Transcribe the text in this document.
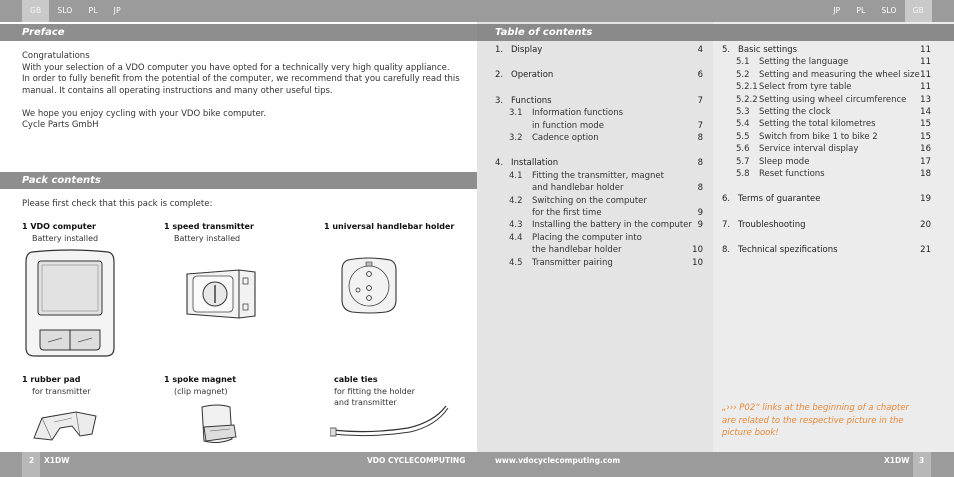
GB	SLO	PL	JP	JP	PL	SLO	GB
Preface
Congratulations
With your selection of a VDO computer you have opted for a technically very high quality appliance.
In order to fully benefit from the potential of the computer, we recommend that you carefully read this
manual. It contains all operating instructions and many other useful tips.
We hope you enjoy cycling with your VDO bike computer.
Cycle Parts GmbH
Pack contents
Please first check that this pack is complete:
1 VDO computer
Battery installed
1 speed transmitter
Battery installed
1 universal handlebar holder
1 rubber pad
for transmitter
1 spoke magnet
(clip magnet)
cable ties
for fitting the holder
and transmitter
Table of contents
1. Display	4
2. Operation	6
3. Functions	7
3.1 Information functions
in function mode	7
3.2 Cadence option	8
4. Installation	8
4.1 Fitting the transmitter, magnet
and handlebar holder	8
4.2 Switching on the computer
for the first time	9
4.3 Installing the battery in the computer 9
4.4 Placing the computer into
the handlebar holder	10
4.5 Transmitter pairing	10
5. Basic settings	11
5.1 Setting the language	11
5.2 Setting and measuring the wheel size 11
5.2.1 Select from tyre table	11
5.2.2 Setting using wheel circumference 13
5.3 Setting the clock	14
5.4 Setting the total kilometres	15
5.5 Switch from bike 1 to bike 2	15
5.6 Service interval display	16
5.7 Sleep mode	17
5.8 Reset functions	18
6. Terms of guarantee	19
7. Troubleshooting	20
8. Technical spezifications	21
„››› P02“ links at the beginning of a chapter are related to the respective picture in the picture book!
2 X1DW	VDO CYCLECOMPUTING	www.vdocyclecomputing.com	X1DW 3
